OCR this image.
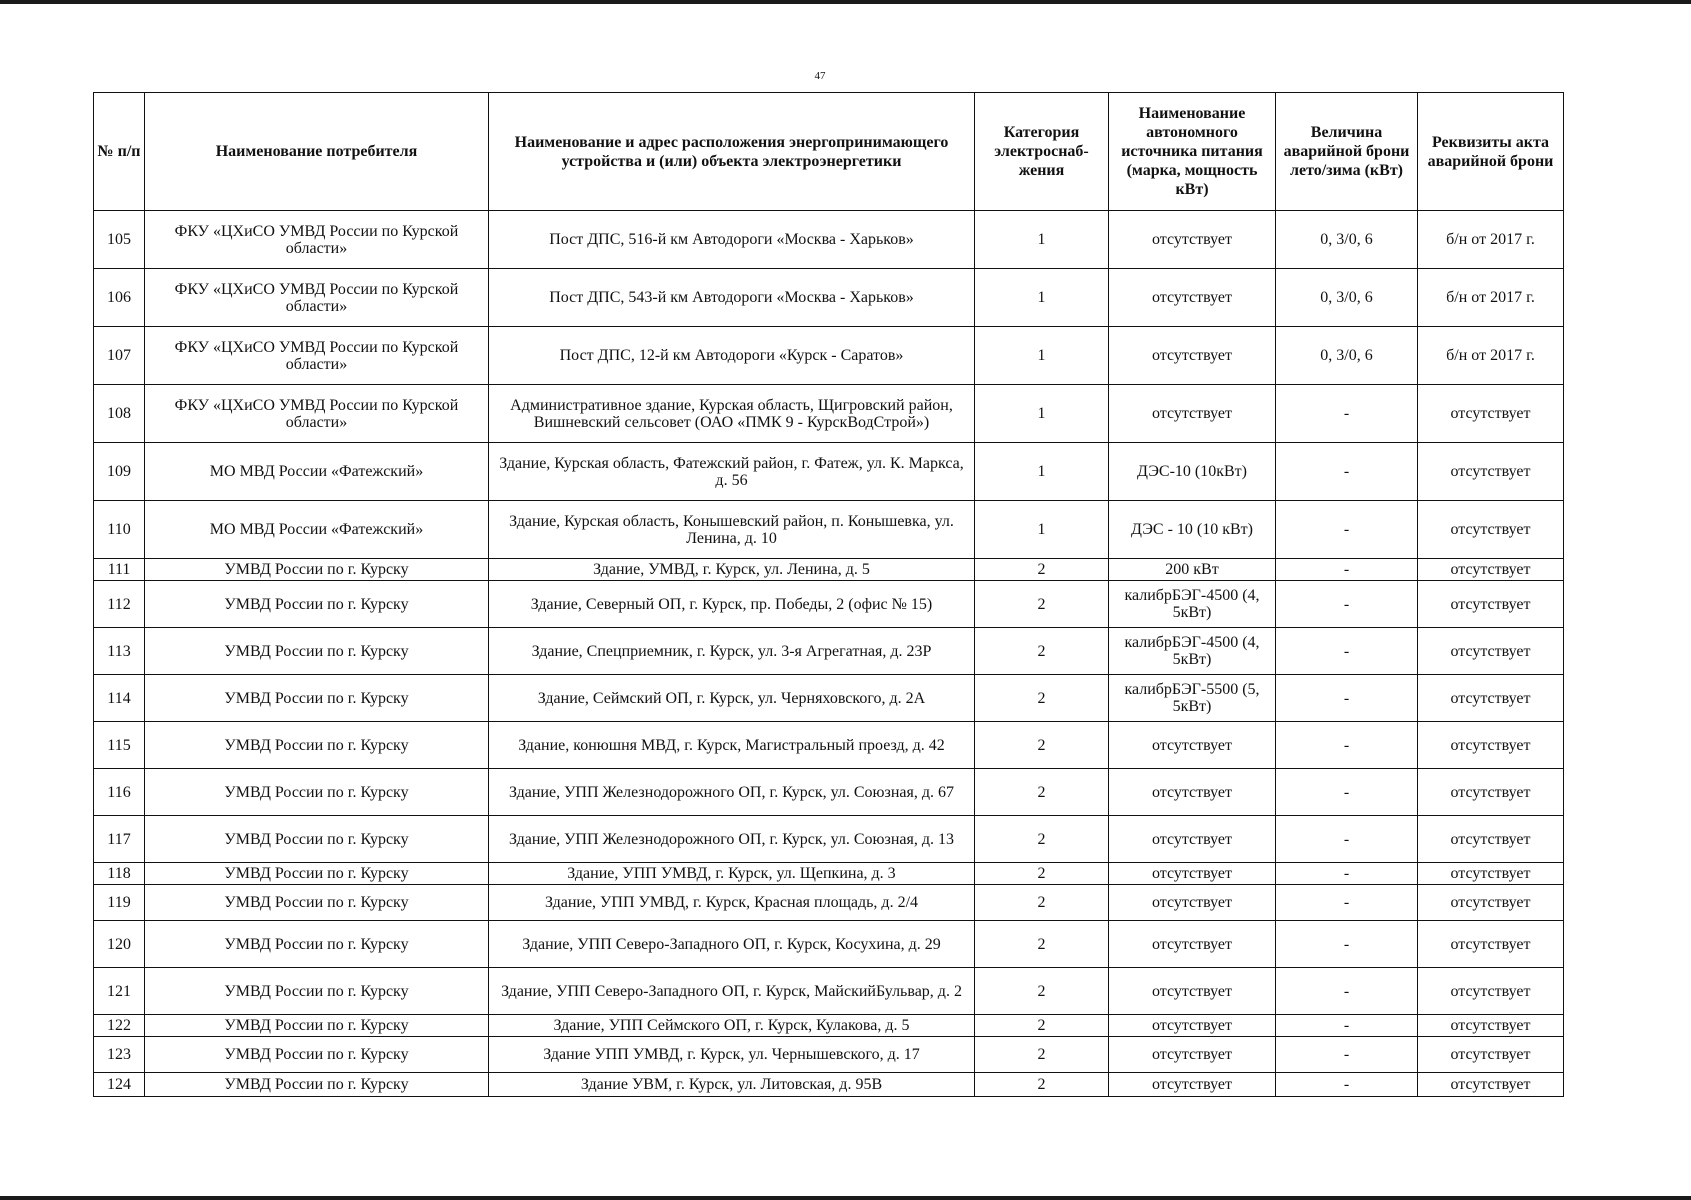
47
№ п/п	Наименование потребителя	Наименование и адрес расположения энергопринимающего устройства и (или) объекта электроэнергетики	Категория электроснаб-жения	Наименование автономного источника питания (марка, мощность кВт)	Величина аварийной брони лето/зима (кВт)	Реквизиты акта аварийной брони
105	ФКУ «ЦХиСО УМВД России по Курской области»	Пост ДПС, 516-й км Автодороги «Москва - Харьков»	1	отсутствует	0, 3/0, 6	б/н от 2017 г.
106	ФКУ «ЦХиСО УМВД России по Курской области»	Пост ДПС, 543-й км Автодороги «Москва - Харьков»	1	отсутствует	0, 3/0, 6	б/н от 2017 г.
107	ФКУ «ЦХиСО УМВД России по Курской области»	Пост ДПС, 12-й км Автодороги «Курск - Саратов»	1	отсутствует	0, 3/0, 6	б/н от 2017 г.
108	ФКУ «ЦХиСО УМВД России по Курской области»	Административное здание, Курская область, Щигровский район, Вишневский сельсовет (ОАО «ПМК 9 - КурскВодСтрой»)	1	отсутствует	-	отсутствует
109	МО МВД России «Фатежский»	Здание, Курская область, Фатежский район, г. Фатеж, ул. К. Маркса, д. 56	1	ДЭС-10 (10кВт)	-	отсутствует
110	МО МВД России «Фатежский»	Здание, Курская область, Конышевский район, п. Конышевка, ул. Ленина, д. 10	1	ДЭС - 10 (10 кВт)	-	отсутствует
111	УМВД России по г. Курску	Здание, УМВД, г. Курск, ул. Ленина, д. 5	2	200 кВт	-	отсутствует
112	УМВД России по г. Курску	Здание, Северный ОП, г. Курск, пр. Победы, 2 (офис № 15)	2	калибрБЭГ-4500 (4, 5кВт)	-	отсутствует
113	УМВД России по г. Курску	Здание, Спецприемник, г. Курск, ул. 3-я Агрегатная, д. 23Р	2	калибрБЭГ-4500 (4, 5кВт)	-	отсутствует
114	УМВД России по г. Курску	Здание, Сеймский ОП, г. Курск, ул. Черняховского, д. 2А	2	калибрБЭГ-5500 (5, 5кВт)	-	отсутствует
115	УМВД России по г. Курску	Здание, конюшня МВД, г. Курск, Магистральный проезд, д. 42	2	отсутствует	-	отсутствует
116	УМВД России по г. Курску	Здание, УПП Железнодорожного ОП, г. Курск, ул. Союзная, д. 67	2	отсутствует	-	отсутствует
117	УМВД России по г. Курску	Здание, УПП Железнодорожного ОП, г. Курск, ул. Союзная, д. 13	2	отсутствует	-	отсутствует
118	УМВД России по г. Курску	Здание, УПП УМВД, г. Курск, ул. Щепкина, д. 3	2	отсутствует	-	отсутствует
119	УМВД России по г. Курску	Здание, УПП УМВД, г. Курск, Красная площадь, д. 2/4	2	отсутствует	-	отсутствует
120	УМВД России по г. Курску	Здание, УПП Северо-Западного ОП, г. Курск, Косухина, д. 29	2	отсутствует	-	отсутствует
121	УМВД России по г. Курску	Здание, УПП Северо-Западного ОП, г. Курск, МайскийБульвар, д. 2	2	отсутствует	-	отсутствует
122	УМВД России по г. Курску	Здание, УПП Сеймского ОП, г. Курск, Кулакова, д. 5	2	отсутствует	-	отсутствует
123	УМВД России по г. Курску	Здание УПП УМВД, г. Курск, ул. Чернышевского, д. 17	2	отсутствует	-	отсутствует
124	УМВД России по г. Курску	Здание УВМ, г. Курск, ул. Литовская, д. 95В	2	отсутствует	-	отсутствует
